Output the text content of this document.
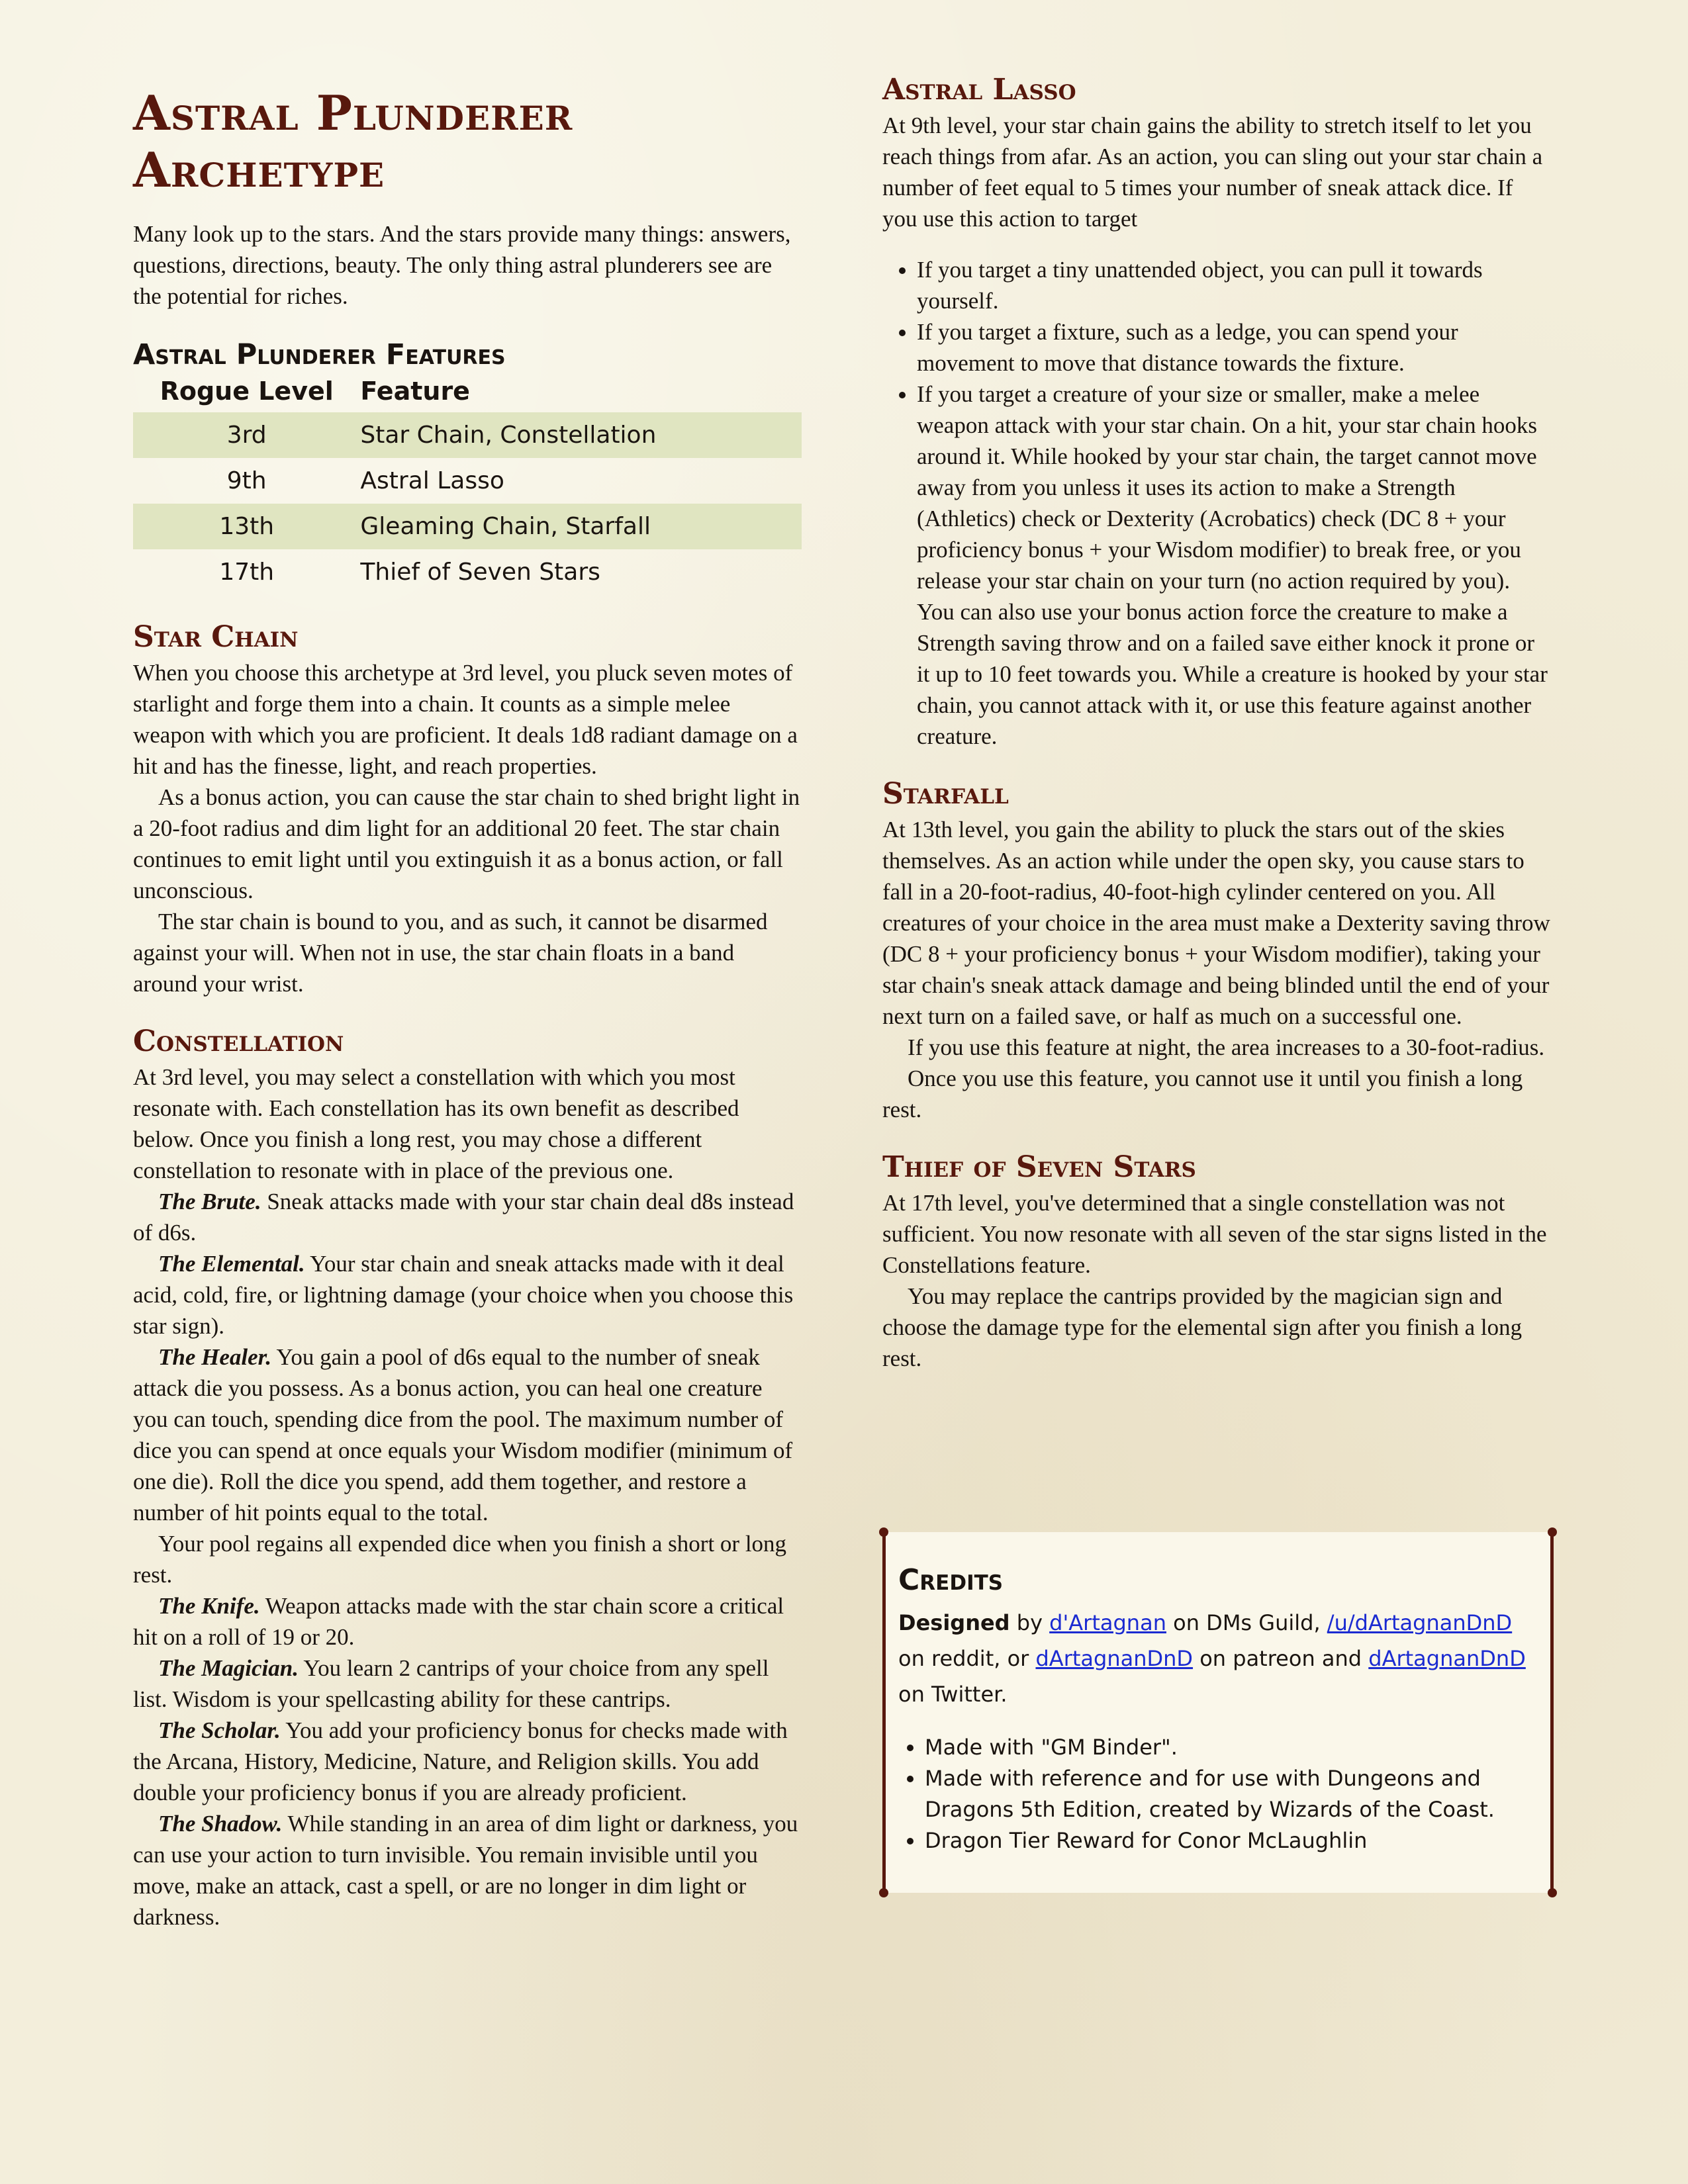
Astral Plunderer Archetype

Many look up to the stars. And the stars provide many things: answers, questions, directions, beauty. The only thing astral plunderers see are the potential for riches.

Astral Plunderer Features
Rogue Level	Feature
3rd	Star Chain, Constellation
9th	Astral Lasso
13th	Gleaming Chain, Starfall
17th	Thief of Seven Stars
Star Chain

When you choose this archetype at 3rd level, you pluck seven motes of starlight and forge them into a chain. It counts as a simple melee weapon with which you are proficient. It deals 1d8 radiant damage on a hit and has the finesse, light, and reach properties.

As a bonus action, you can cause the star chain to shed bright light in a 20-foot radius and dim light for an additional 20 feet. The star chain continues to emit light until you extinguish it as a bonus action, or fall unconscious.

The star chain is bound to you, and as such, it cannot be disarmed against your will. When not in use, the star chain floats in a band around your wrist.

Constellation

At 3rd level, you may select a constellation with which you most resonate with. Each constellation has its own benefit as described below. Once you finish a long rest, you may chose a different constellation to resonate with in place of the previous one.

The Brute. Sneak attacks made with your star chain deal d8s instead of d6s.

The Elemental. Your star chain and sneak attacks made with it deal acid, cold, fire, or lightning damage (your choice when you choose this star sign).

The Healer. You gain a pool of d6s equal to the number of sneak attack die you possess. As a bonus action, you can heal one creature you can touch, spending dice from the pool. The maximum number of dice you can spend at once equals your Wisdom modifier (minimum of one die). Roll the dice you spend, add them together, and restore a number of hit points equal to the total.

Your pool regains all expended dice when you finish a short or long rest.

The Knife. Weapon attacks made with the star chain score a critical hit on a roll of 19 or 20.

The Magician. You learn 2 cantrips of your choice from any spell list. Wisdom is your spellcasting ability for these cantrips.

The Scholar. You add your proficiency bonus for checks made with the Arcana, History, Medicine, Nature, and Religion skills. You add double your proficiency bonus if you are already proficient.

The Shadow. While standing in an area of dim light or darkness, you can use your action to turn invisible. You remain invisible until you move, make an attack, cast a spell, or are no longer in dim light or darkness.

Astral Lasso

At 9th level, your star chain gains the ability to stretch itself to let you reach things from afar. As an action, you can sling out your star chain a number of feet equal to 5 times your number of sneak attack dice. If you use this action to target

• If you target a tiny unattended object, you can pull it towards yourself.
• If you target a fixture, such as a ledge, you can spend your movement to move that distance towards the fixture.
• If you target a creature of your size or smaller, make a melee weapon attack with your star chain. On a hit, your star chain hooks around it. While hooked by your star chain, the target cannot move away from you unless it uses its action to make a Strength (Athletics) check or Dexterity (Acrobatics) check (DC 8 + your proficiency bonus + your Wisdom modifier) to break free, or you release your star chain on your turn (no action required by you). You can also use your bonus action force the creature to make a Strength saving throw and on a failed save either knock it prone or it up to 10 feet towards you. While a creature is hooked by your star chain, you cannot attack with it, or use this feature against another creature.
Starfall

At 13th level, you gain the ability to pluck the stars out of the skies themselves. As an action while under the open sky, you cause stars to fall in a 20-foot-radius, 40-foot-high cylinder centered on you. All creatures of your choice in the area must make a Dexterity saving throw (DC 8 + your proficiency bonus + your Wisdom modifier), taking your star chain's sneak attack damage and being blinded until the end of your next turn on a failed save, or half as much on a successful one.

If you use this feature at night, the area increases to a 30-foot-radius.

Once you use this feature, you cannot use it until you finish a long rest.

Thief of Seven Stars

At 17th level, you've determined that a single constellation was not sufficient. You now resonate with all seven of the star signs listed in the Constellations feature.

You may replace the cantrips provided by the magician sign and choose the damage type for the elemental sign after you finish a long rest.

Credits

Designed by d'Artagnan on DMs Guild, /u/dArtagnanDnD on reddit, or dArtagnanDnD on patreon and dArtagnanDnD on Twitter.

• Made with "GM Binder".
• Made with reference and for use with Dungeons and Dragons 5th Edition, created by Wizards of the Coast.
• Dragon Tier Reward for Conor McLaughlin
